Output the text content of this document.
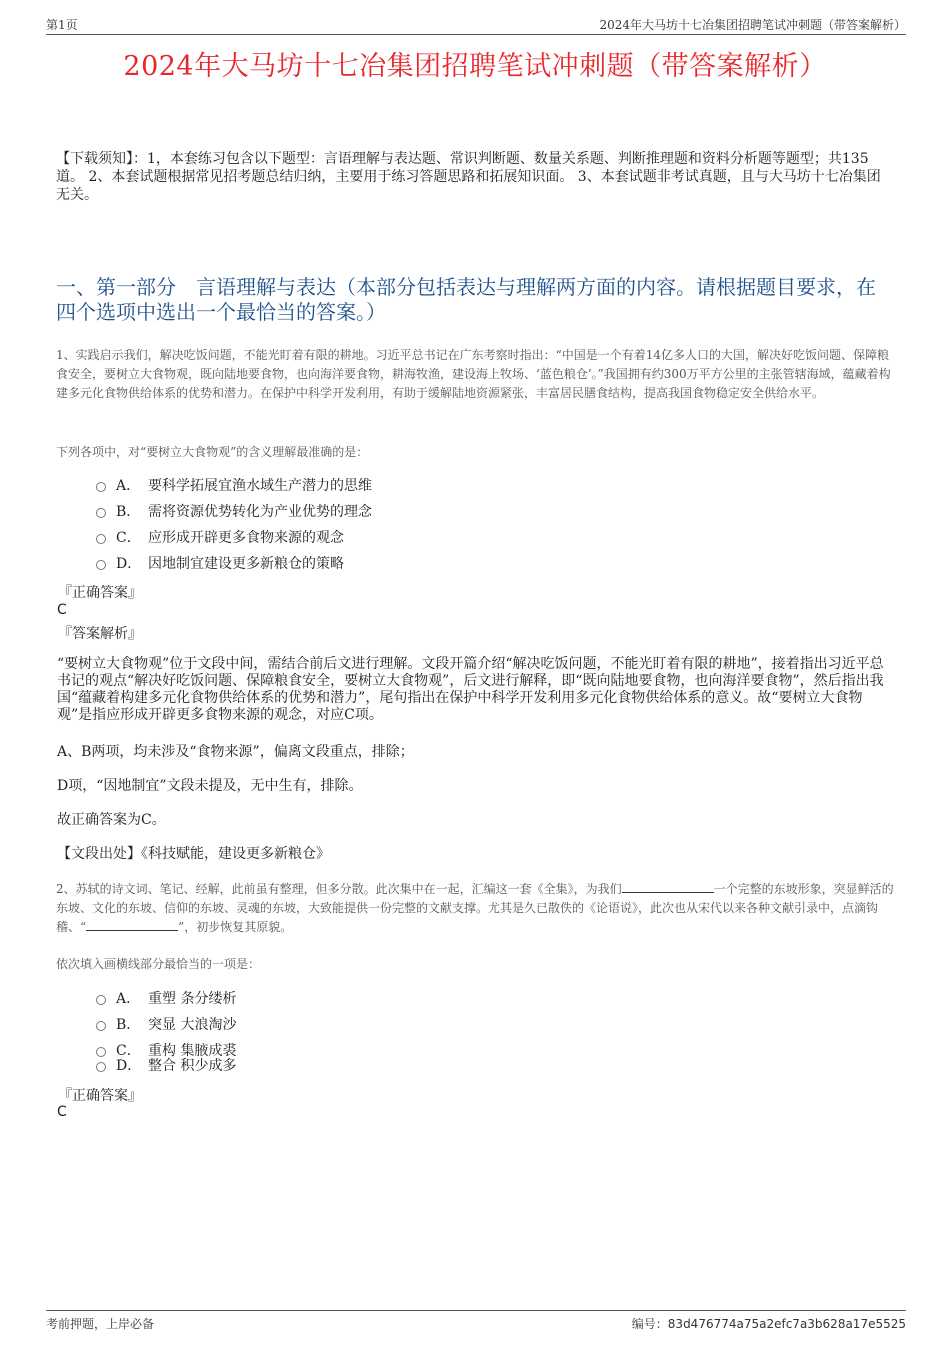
第1页	2024年大马坊十七冶集团招聘笔试冲刺题（带答案解析）
2024年大马坊十七冶集团招聘笔试冲刺题（带答案解析）

【下载须知】：1，本套练习包含以下题型：言语理解与表达题、常识判断题、数量关系题、判断推理题和资料分析题等题型；共135道。 2、本套试题根据常见招考题总结归纳，主要用于练习答题思路和拓展知识面。 3、本套试题非考试真题，且与大马坊十七冶集团无关。

一、第一部分　言语理解与表达（本部分包括表达与理解两方面的内容。请根据题目要求，在四个选项中选出一个最恰当的答案。）

1、实践启示我们，解决吃饭问题，不能光盯着有限的耕地。习近平总书记在广东考察时指出：“中国是一个有着14亿多人口的大国，解决好吃饭问题、保障粮食安全，要树立大食物观，既向陆地要食物，也向海洋要食物，耕海牧渔，建设海上牧场、‘蓝色粮仓’。”我国拥有约300万平方公里的主张管辖海域，蕴藏着构建多元化食物供给体系的优势和潜力。在保护中科学开发利用，有助于缓解陆地资源紧张，丰富居民膳食结构，提高我国食物稳定安全供给水平。

下列各项中，对“要树立大食物观”的含义理解最准确的是：

A． 要科学拓展宜渔水域生产潜力的思维
B． 需将资源优势转化为产业优势的理念
C． 应形成开辟更多食物来源的观念
D． 因地制宜建设更多新粮仓的策略

『正确答案』

C

『答案解析』

“要树立大食物观”位于文段中间，需结合前后文进行理解。文段开篇介绍“解决吃饭问题，不能光盯着有限的耕地”，接着指出习近平总书记的观点“解决好吃饭问题、保障粮食安全，要树立大食物观”，后文进行解释，即“既向陆地要食物，也向海洋要食物”，然后指出我国“蕴藏着构建多元化食物供给体系的优势和潜力”，尾句指出在保护中科学开发利用多元化食物供给体系的意义。故“要树立大食物观”是指应形成开辟更多食物来源的观念，对应C项。

A、B两项，均未涉及“食物来源”，偏离文段重点，排除；

D项，“因地制宜”文段未提及，无中生有，排除。

故正确答案为C。

【文段出处】《科技赋能，建设更多新粮仓》

2、苏轼的诗文词、笔记、经解，此前虽有整理，但多分散。此次集中在一起，汇编这一套《全集》，为我们	一个完整的东坡形象，突显鲜活的东坡、文化的东坡、信仰的东坡、灵魂的东坡，大致能提供一份完整的文献支撑。尤其是久已散佚的《论语说》，此次也从宋代以来各种文献引录中，点滴钩稽、“	”，初步恢复其原貌。

依次填入画横线部分最恰当的一项是：

A． 重塑 条分缕析
B． 突显 大浪淘沙
C． 重构 集腋成裘
D． 整合 积少成多

『正确答案』

C

考前押题，上岸必备	编号：83d476774a75a2efc7a3b628a17e5525
